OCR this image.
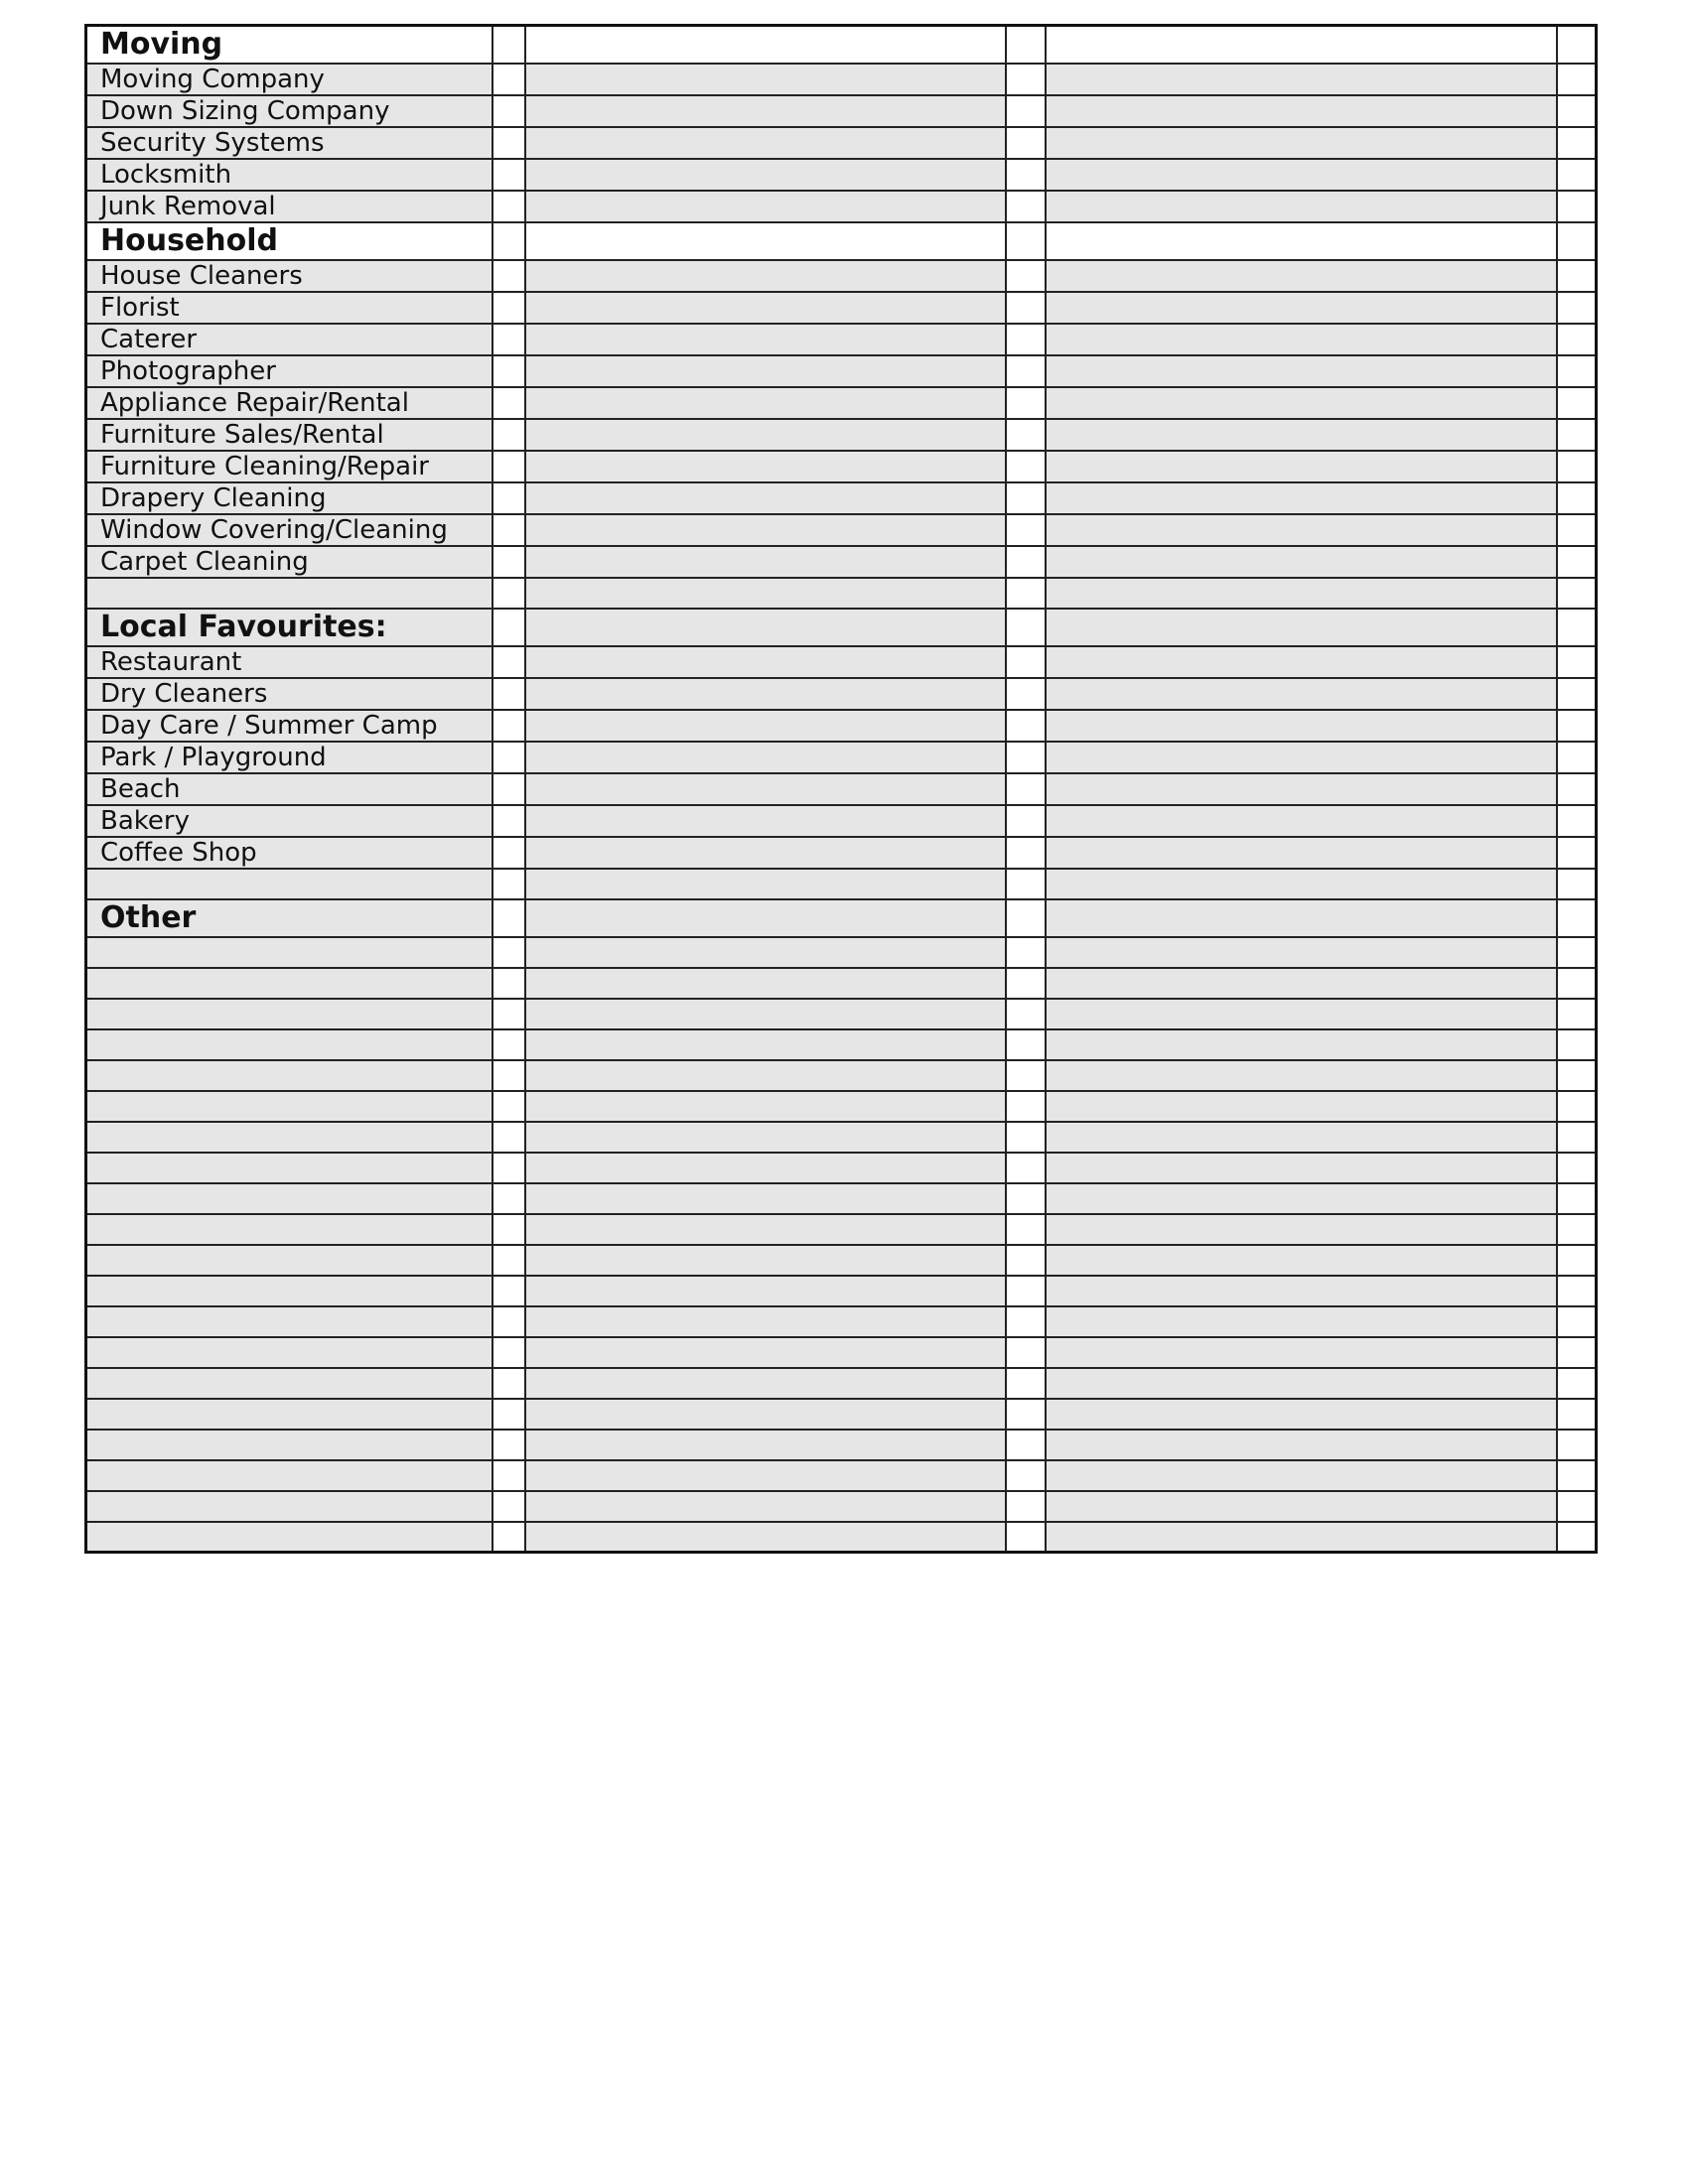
Moving					
Moving Company					
Down Sizing Company					
Security Systems					
Locksmith					
Junk Removal					
Household					
House Cleaners					
Florist					
Caterer					
Photographer					
Appliance Repair/Rental					
Furniture Sales/Rental					
Furniture Cleaning/Repair					
Drapery Cleaning					
Window Covering/Cleaning					
Carpet Cleaning					

Local Favourites:					
Restaurant					
Dry Cleaners					
Day Care / Summer Camp					
Park / Playground					
Beach					
Bakery					
Coffee Shop					

Other					
